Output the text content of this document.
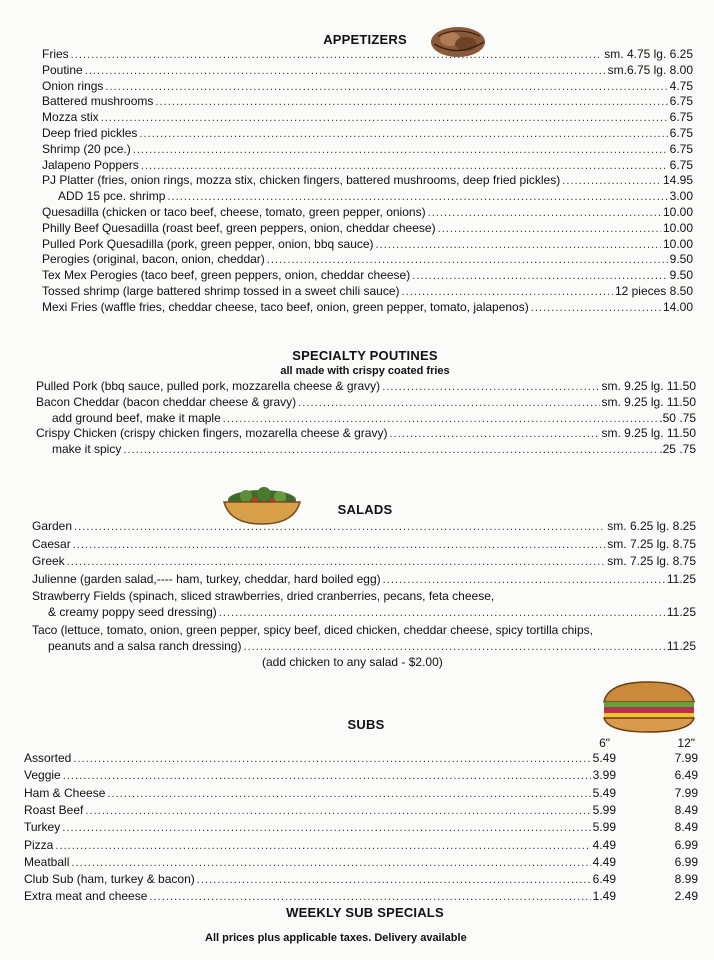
APPETIZERS
Fries . . .	sm. 4.75 lg. 6.25
Poutine . . .	sm.6.75 lg. 8.00
Onion rings . . .	4.75
Battered mushrooms . . .	6.75
Mozza stix . . .	6.75
Deep fried pickles . . .	6.75
Shrimp (20 pce.) . . .	6.75
Jalapeno Poppers . . .	6.75
PJ Platter (fries, onion rings, mozza stix, chicken fingers, battered mushrooms, deep fried pickles) . . .	14.95
ADD 15 pce. shrimp . . .	3.00
Quesadilla (chicken or taco beef, cheese, tomato, green pepper, onions) . . .	10.00
Philly Beef Quesadilla (roast beef, green peppers, onion, cheddar cheese) . . .	10.00
Pulled Pork Quesadilla (pork, green pepper, onion, bbq sauce) . . .	10.00
Perogies (original, bacon, onion, cheddar) . . .	9.50
Tex Mex Perogies (taco beef, green peppers, onion, cheddar cheese) . . .	9.50
Tossed shrimp (large battered shrimp tossed in a sweet chili sauce) . . .	12 pieces 8.50
Mexi Fries (waffle fries, cheddar cheese, taco beef, onion, green pepper, tomato, jalapenos) . . .	14.00
SPECIALTY POUTINES
all made with crispy coated fries
Pulled Pork (bbq sauce, pulled pork, mozzarella cheese & gravy) . . .	sm. 9.25 lg. 11.50
Bacon Cheddar (bacon cheddar cheese & gravy) . . .	sm. 9.25 lg. 11.50
add ground beef, make it maple . . .	.50 .75
Crispy Chicken (crispy chicken fingers, mozarella cheese & gravy) . . .	sm. 9.25 lg. 11.50
make it spicy . . .	.25 .75
SALADS
Garden . . .	sm. 6.25 lg. 8.25
Caesar . . .	sm. 7.25 lg. 8.75
Greek . . .	sm. 7.25 lg. 8.75
Julienne (garden salad,---- ham, turkey, cheddar, hard boiled egg) . . .	11.25
Strawberry Fields (spinach, sliced strawberries, dried cranberries, pecans, feta cheese,
& creamy poppy seed dressing) . . .	11.25
Taco (lettuce, tomato, onion, green pepper, spicy beef, diced chicken, cheddar cheese, spicy tortilla chips,
peanuts and a salsa ranch dressing) . . .	11.25
(add chicken to any salad - $2.00)
SUBS
6"	12"
Assorted . . .	5.49	7.99
Veggie . . .	3.99	6.49
Ham & Cheese . . .	5.49	7.99
Roast Beef . . .	5.99	8.49
Turkey . . .	5.99	8.49
Pizza . . .	4.49	6.99
Meatball . . .	4.49	6.99
Club Sub (ham, turkey & bacon) . . .	6.49	8.99
Extra meat and cheese . . .	1.49	2.49
WEEKLY SUB SPECIALS
All prices plus applicable taxes. Delivery available
